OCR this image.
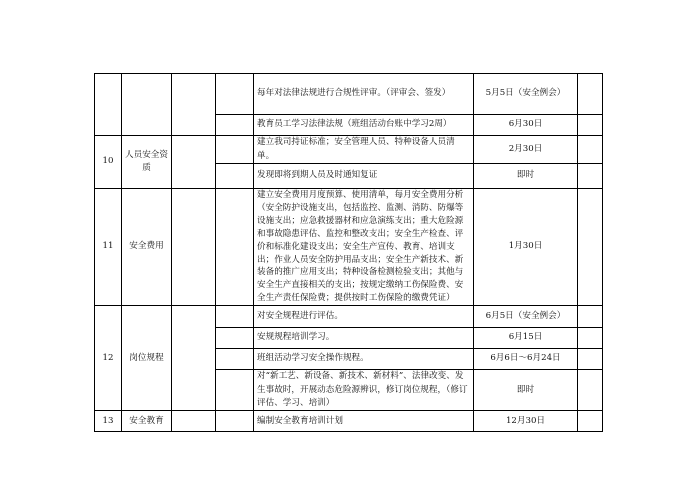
				每年对法律法规进行合规性评审。（评审会、签发）	5月5日（安全例会）	
				教育员工学习法律法规（班组活动台账中学习2周）	6月30日	
10	人员安全资质			建立我司持证标准；安全管理人员、特种设备人员清单。	2月30日	
				发现即将到期人员及时通知复证	即时	
11	安全费用			建立安全费用月度预算、使用清单，每月安全费用分析（安全防护设施支出，包括监控、监测、消防、防爆等设施支出；应急救援器材和应急演练支出；重大危险源和事故隐患评估、监控和整改支出；安全生产检查、评价和标准化建设支出；安全生产宣传、教育、培训支出；作业人员安全防护用品支出；安全生产新技术、新装备的推广应用支出；特种设备检测检验支出；其他与安全生产直接相关的支出；按规定缴纳工伤保险费、安全生产责任保险费；提供按时工伤保险的缴费凭证）	1月30日	
12	岗位规程			对安全规程进行评估。	6月5日（安全例会）	
				安规规程培训学习。	6月15日	
				班组活动学习安全操作规程。	6月6日～6月24日	
				对“新工艺、新设备、新技术、新材料”、法律改变、发生事故时，开展动态危险源辨识，修订岗位规程，（修订评估、学习、培训）	即时	
13	安全教育			编制安全教育培训计划	12月30日	
